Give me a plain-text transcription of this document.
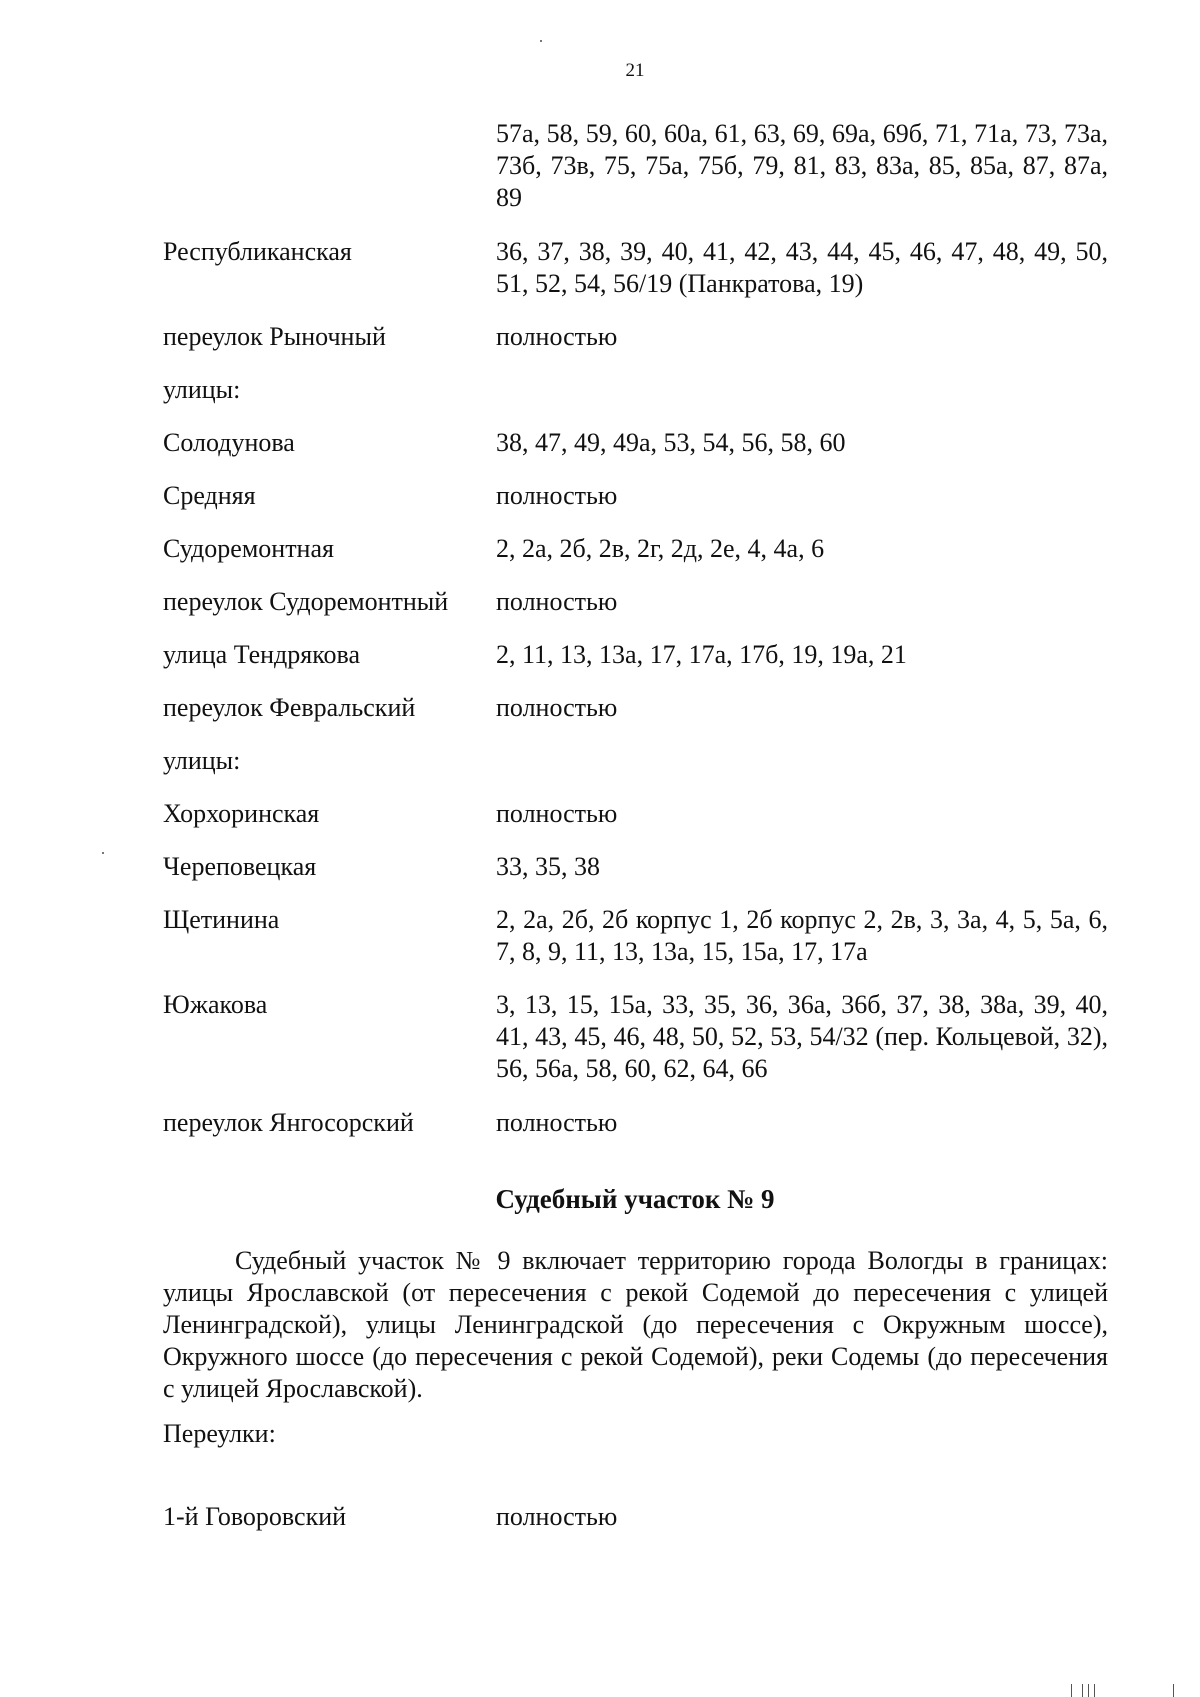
21
57а, 58, 59, 60, 60а, 61, 63, 69, 69а, 69б, 71, 71а, 73, 73а, 73б, 73в, 75, 75а, 75б, 79, 81, 83, 83а, 85, 85а, 87, 87а, 89
Республиканская	36, 37, 38, 39, 40, 41, 42, 43, 44, 45, 46, 47, 48, 49, 50, 51, 52, 54, 56/19 (Панкратова, 19)
переулок Рыночный	полностью
улицы:
Солодунова	38, 47, 49, 49а, 53, 54, 56, 58, 60
Средняя	полностью
Судоремонтная	2, 2а, 2б, 2в, 2г, 2д, 2е, 4, 4а, 6
переулок Судоремонтный	полностью
улица Тендрякова	2, 11, 13, 13а, 17, 17а, 17б, 19, 19а, 21
переулок Февральский	полностью
улицы:
Хорхоринская	полностью
Череповецкая	33, 35, 38
Щетинина	2, 2а, 2б, 2б корпус 1, 2б корпус 2, 2в, 3, 3а, 4, 5, 5а, 6, 7, 8, 9, 11, 13, 13а, 15, 15а, 17, 17а
Южакова	3, 13, 15, 15а, 33, 35, 36, 36а, 36б, 37, 38, 38а, 39, 40, 41, 43, 45, 46, 48, 50, 52, 53, 54/32 (пер. Кольцевой, 32), 56, 56а, 58, 60, 62, 64, 66
переулок Янгосорский	полностью
Судебный участок № 9
Судебный участок № 9 включает территорию города Вологды в границах: улицы Ярославской (от пересечения с рекой Содемой до пересечения с улицей Ленинградской), улицы Ленинградской (до пересечения с Окружным шоссе), Окружного шоссе (до пересечения с рекой Содемой), реки Содемы (до пересечения с улицей Ярославской).
Переулки:
1-й Говоровский	полностью
